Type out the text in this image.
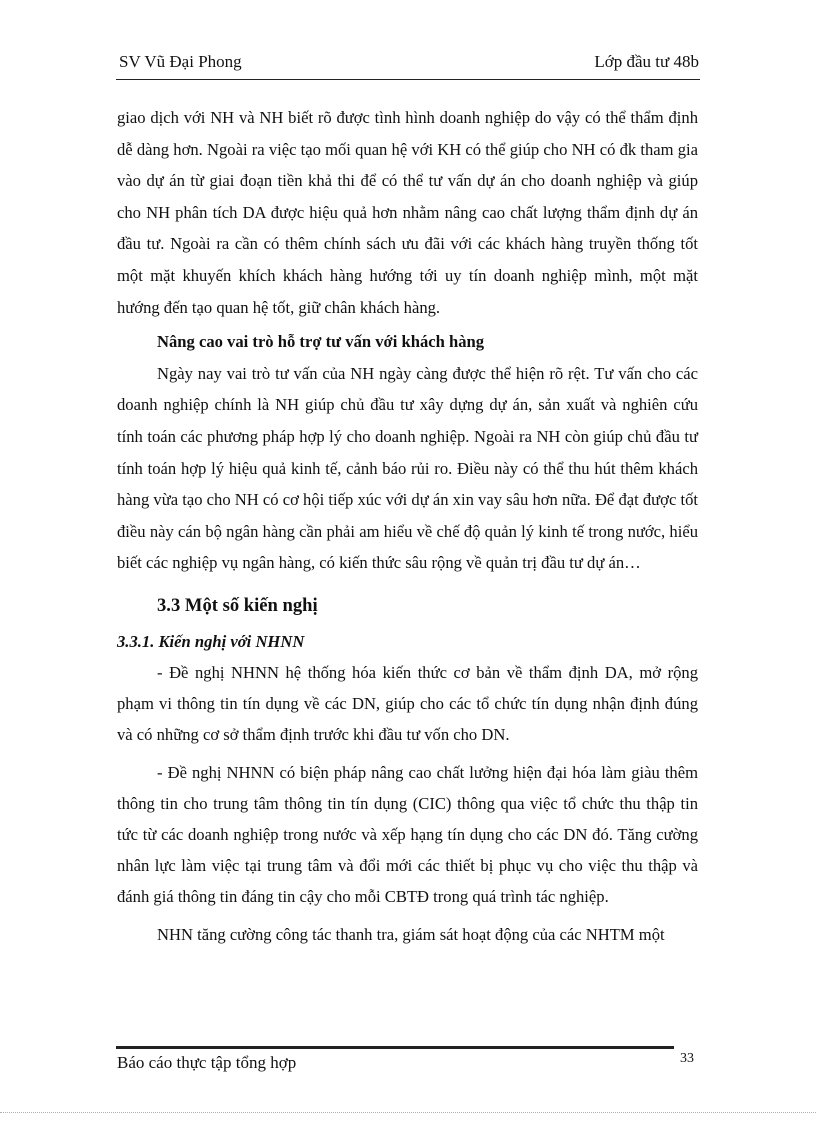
SV Vũ Đại Phong	Lớp đầu tư 48b

giao dịch với NH và NH biết rõ được tình hình doanh nghiệp do vậy có thể thẩm định dễ dàng hơn. Ngoài ra việc tạo mối quan hệ với KH có thể giúp cho NH có đk tham gia vào dự án từ giai đoạn tiền khả thi để có thể tư vấn dự án cho doanh nghiệp và giúp cho NH phân tích DA được hiệu quả hơn nhằm nâng cao chất lượng thẩm định dự án đầu tư. Ngoài ra cần có thêm chính sách ưu đãi với các khách hàng truyền thống tốt một mặt khuyến khích khách hàng hướng tới uy tín doanh nghiệp mình, một mặt hướng đến tạo quan hệ tốt, giữ chân khách hàng.

Nâng cao vai trò hỗ trợ tư vấn với khách hàng

Ngày nay vai trò tư vấn của NH ngày càng được thể hiện rõ rệt. Tư vấn cho các doanh nghiệp chính là NH giúp chủ đầu tư xây dựng dự án, sản xuất và nghiên cứu tính toán các phương pháp hợp lý cho doanh nghiệp. Ngoài ra NH còn giúp chủ đầu tư tính toán hợp lý hiệu quả kinh tế, cảnh báo rủi ro. Điều này có thể thu hút thêm khách hàng vừa tạo cho NH có cơ hội tiếp xúc với dự án xin vay sâu hơn nữa. Để đạt được tốt điều này cán bộ ngân hàng cần phải am hiểu về chế độ quản lý kinh tế trong nước, hiểu biết các nghiệp vụ ngân hàng, có kiến thức sâu rộng về quản trị đầu tư dự án…

3.3 Một số kiến nghị

3.3.1. Kiến nghị với NHNN

- Đề nghị NHNN hệ thống hóa kiến thức cơ bản về thẩm định DA, mở rộng phạm vi thông tin tín dụng về các DN, giúp cho các tổ chức tín dụng nhận định đúng và có những cơ sở thẩm định trước khi đầu tư vốn cho DN.

- Đề nghị NHNN có biện pháp nâng cao chất lưởng hiện đại hóa làm giàu thêm thông tin cho trung tâm thông tin tín dụng (CIC) thông qua việc tổ chức thu thập tin tức từ các doanh nghiệp trong nước và xếp hạng tín dụng cho các DN đó. Tăng cường nhân lực làm việc tại trung tâm và đổi mới các thiết bị phục vụ cho việc thu thập và đánh giá thông tin đáng tin cậy cho mỗi CBTĐ trong quá trình tác nghiệp.

NHN tăng cường công tác thanh tra, giám sát hoạt động của các NHTM một

Báo cáo thực tập tổng hợp	33
